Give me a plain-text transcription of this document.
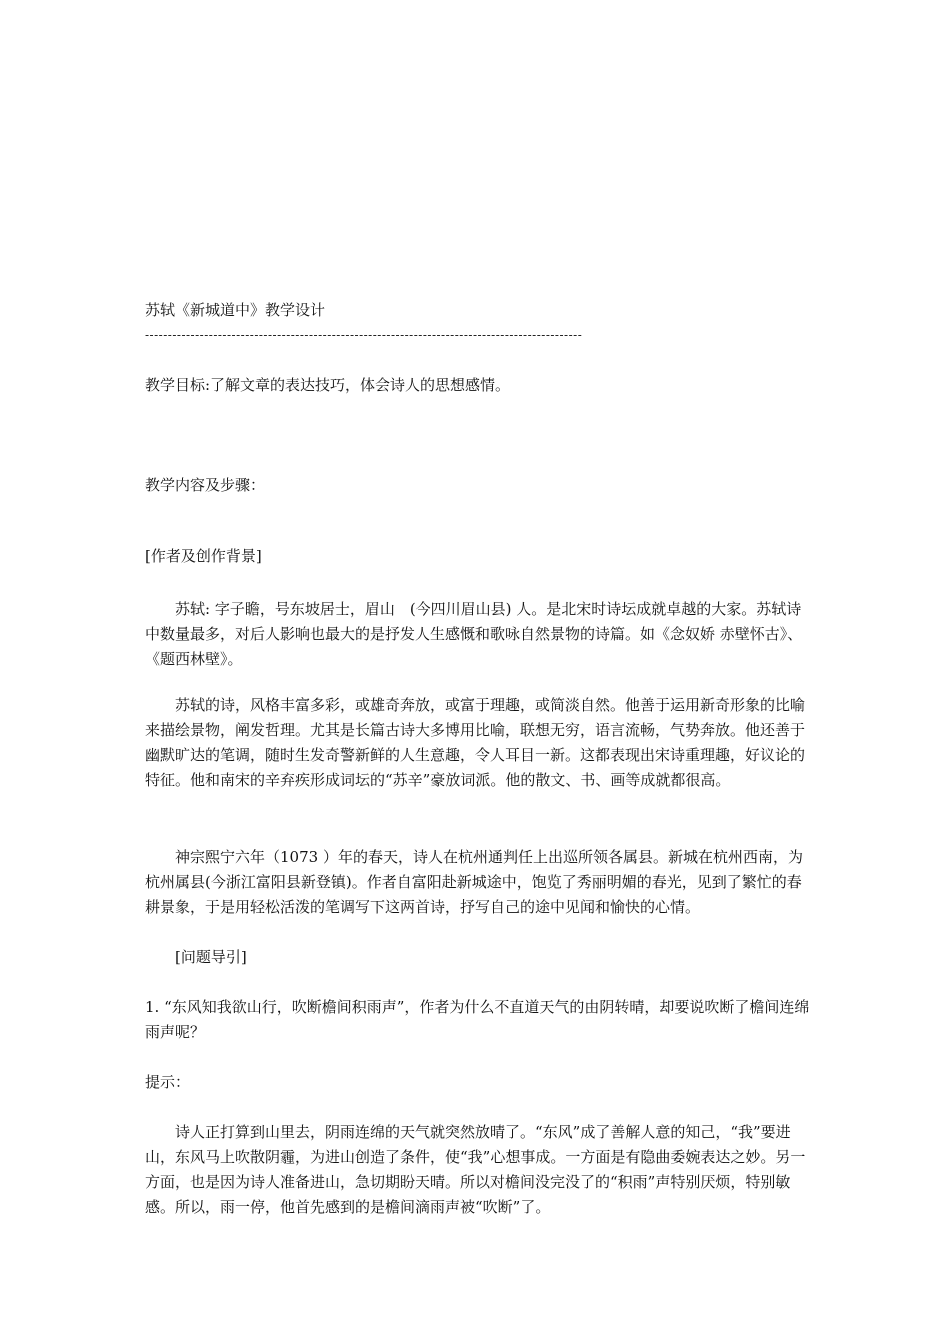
苏轼《新城道中》教学设计

------------------------------------------------------------------------------------------------

教学目标:了解文章的表达技巧，体会诗人的思想感情。

教学内容及步骤：

[作者及创作背景]

苏轼: 字子瞻，号东坡居士，眉山　(今四川眉山县) 人。是北宋时诗坛成就卓越的大家。苏轼诗中数量最多，对后人影响也最大的是抒发人生感慨和歌咏自然景物的诗篇。如《念奴娇 赤壁怀古》、《题西林壁》。

苏轼的诗，风格丰富多彩，或雄奇奔放，或富于理趣，或简淡自然。他善于运用新奇形象的比喻来描绘景物，阐发哲理。尤其是长篇古诗大多博用比喻，联想无穷，语言流畅，气势奔放。他还善于幽默旷达的笔调，随时生发奇警新鲜的人生意趣，令人耳目一新。这都表现出宋诗重理趣，好议论的特征。他和南宋的辛弃疾形成词坛的“苏辛”豪放词派。他的散文、书、画等成就都很高。

神宗熙宁六年（1073 ）年的春天，诗人在杭州通判任上出巡所领各属县。新城在杭州西南，为杭州属县(今浙江富阳县新登镇)。作者自富阳赴新城途中，饱览了秀丽明媚的春光，见到了繁忙的春耕景象，于是用轻松活泼的笔调写下这两首诗，抒写自己的途中见闻和愉快的心情。

[问题导引]

1. “东风知我欲山行，吹断檐间积雨声”，作者为什么不直道天气的由阴转晴，却要说吹断了檐间连绵雨声呢？

提示：

诗人正打算到山里去，阴雨连绵的天气就突然放晴了。“东风”成了善解人意的知己，“我”要进山，东风马上吹散阴霾，为进山创造了条件，使“我”心想事成。一方面是有隐曲委婉表达之妙。另一方面，也是因为诗人准备进山，急切期盼天晴。所以对檐间没完没了的“积雨”声特别厌烦，特别敏感。所以，雨一停，他首先感到的是檐间滴雨声被“吹断”了。
